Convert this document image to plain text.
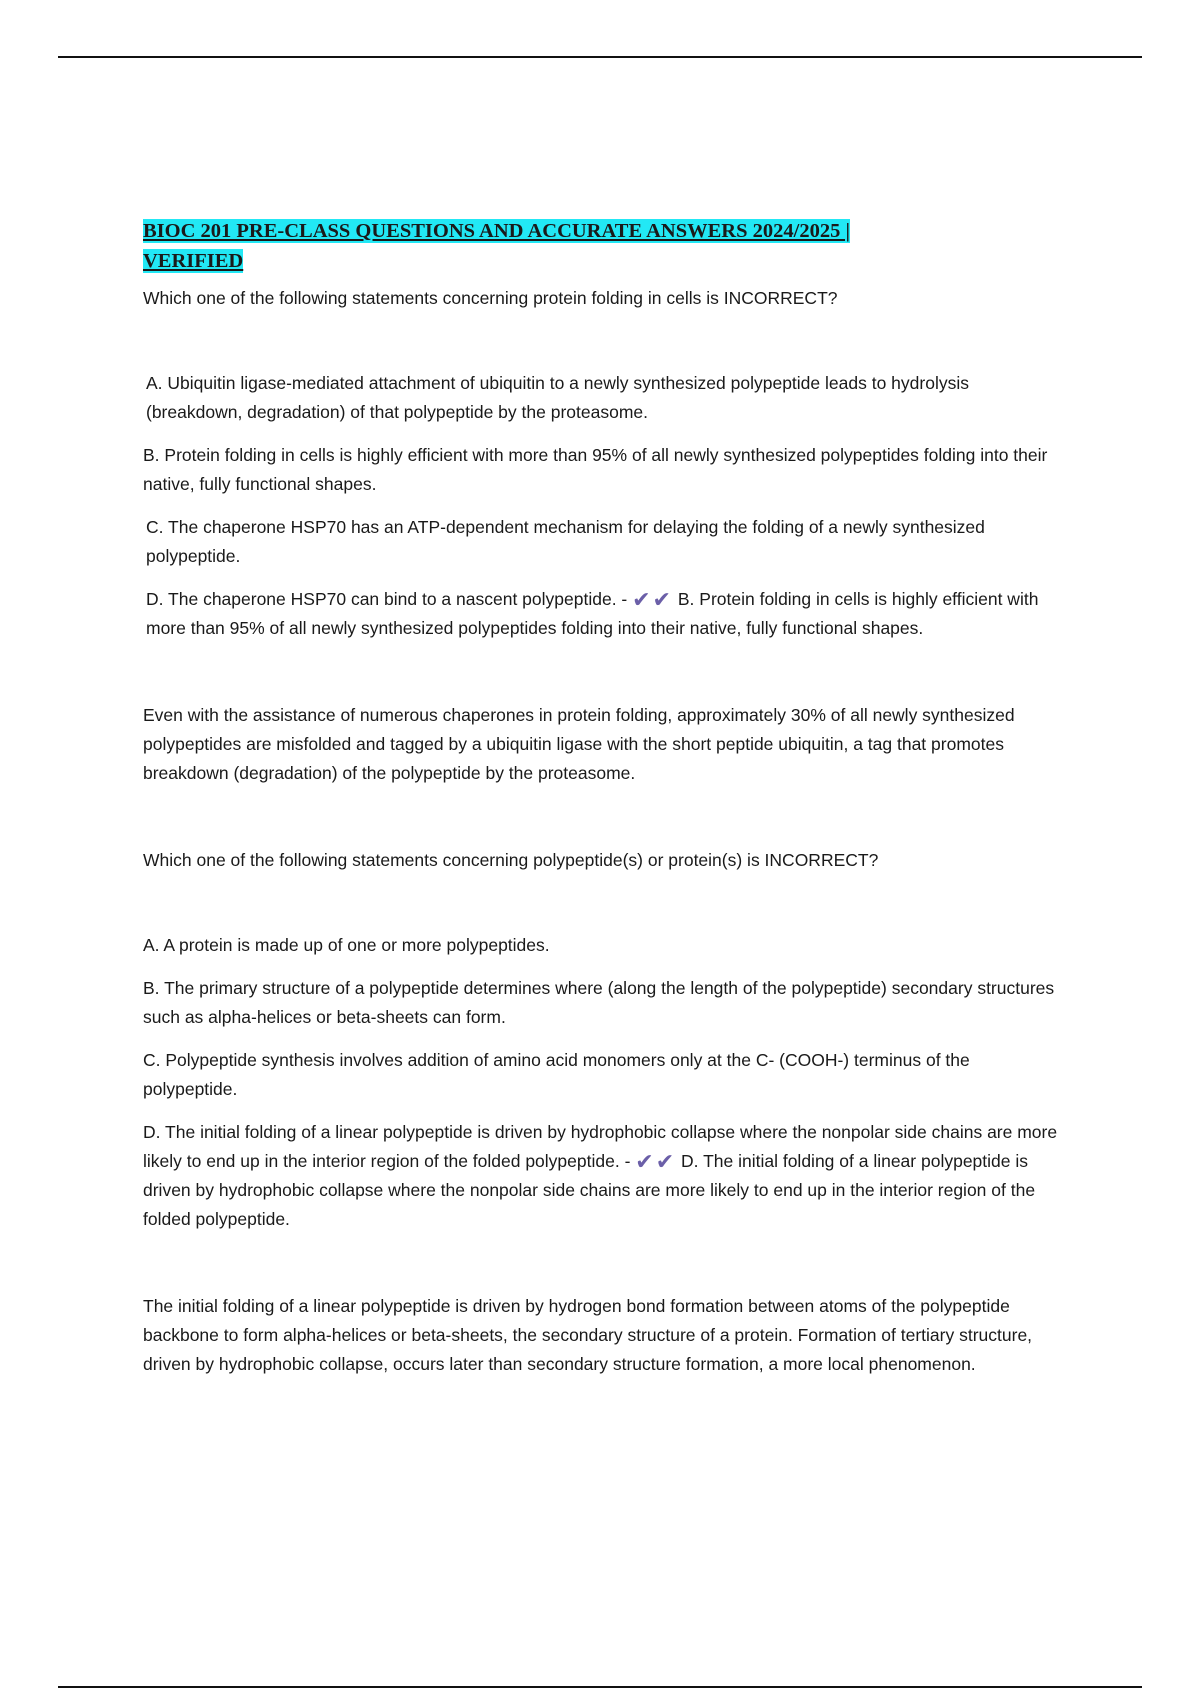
BIOC 201 PRE-CLASS QUESTIONS AND ACCURATE ANSWERS 2024/2025 |
VERIFIED

Which one of the following statements concerning protein folding in cells is INCORRECT?

A. Ubiquitin ligase-mediated attachment of ubiquitin to a newly synthesized polypeptide leads to hydrolysis (breakdown, degradation) of that polypeptide by the proteasome.

B. Protein folding in cells is highly efficient with more than 95% of all newly synthesized polypeptides folding into their native, fully functional shapes.

C. The chaperone HSP70 has an ATP-dependent mechanism for delaying the folding of a newly synthesized polypeptide.

D. The chaperone HSP70 can bind to a nascent polypeptide. - ✔✔ B. Protein folding in cells is highly efficient with more than 95% of all newly synthesized polypeptides folding into their native, fully functional shapes.

Even with the assistance of numerous chaperones in protein folding, approximately 30% of all newly synthesized polypeptides are misfolded and tagged by a ubiquitin ligase with the short peptide ubiquitin, a tag that promotes breakdown (degradation) of the polypeptide by the proteasome.

Which one of the following statements concerning polypeptide(s) or protein(s) is INCORRECT?

A. A protein is made up of one or more polypeptides.

B. The primary structure of a polypeptide determines where (along the length of the polypeptide) secondary structures such as alpha-helices or beta-sheets can form.

C. Polypeptide synthesis involves addition of amino acid monomers only at the C- (COOH-) terminus of the polypeptide.

D. The initial folding of a linear polypeptide is driven by hydrophobic collapse where the nonpolar side chains are more likely to end up in the interior region of the folded polypeptide. - ✔✔ D. The initial folding of a linear polypeptide is driven by hydrophobic collapse where the nonpolar side chains are more likely to end up in the interior region of the folded polypeptide.

The initial folding of a linear polypeptide is driven by hydrogen bond formation between atoms of the polypeptide backbone to form alpha-helices or beta-sheets, the secondary structure of a protein. Formation of tertiary structure, driven by hydrophobic collapse, occurs later than secondary structure formation, a more local phenomenon.
